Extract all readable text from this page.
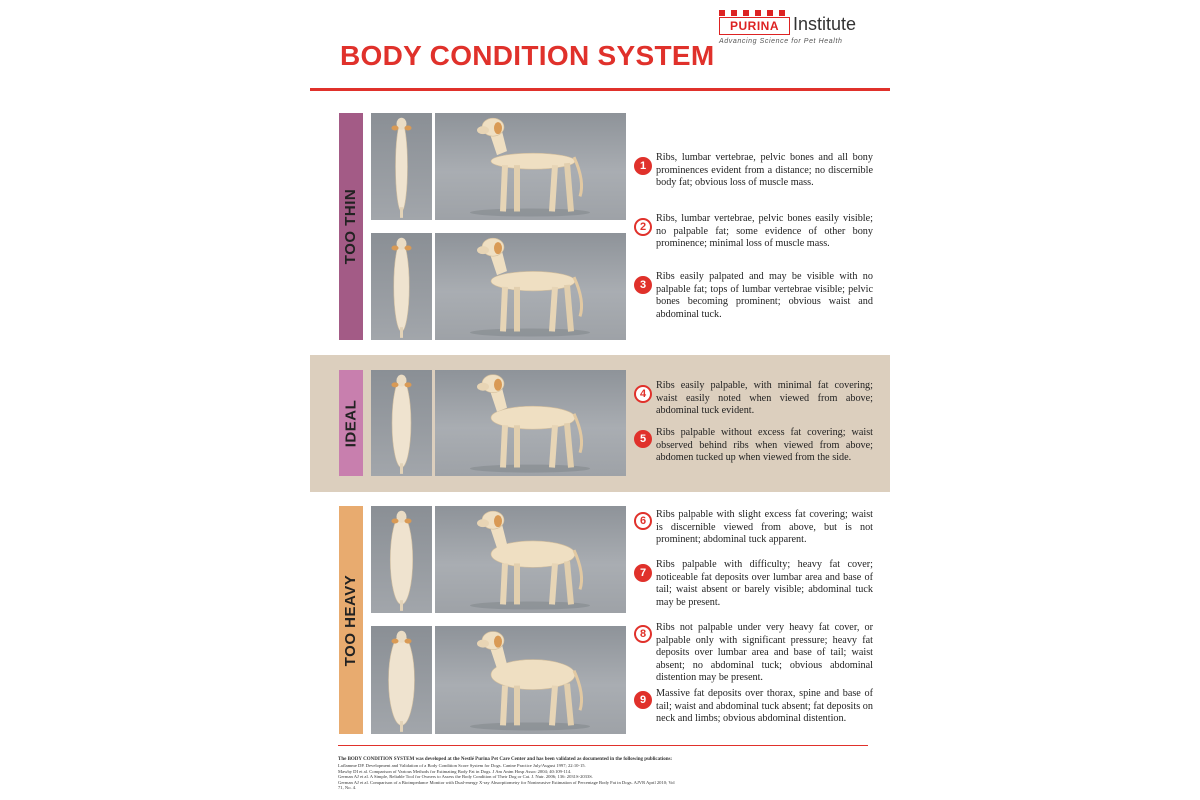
PURINA Institute
Advancing Science for Pet Health
BODY CONDITION SYSTEM
TOO THIN
IDEAL
TOO HEAVY
1
Ribs, lumbar vertebrae, pelvic bones and all bony prominences evident from a distance; no discernible body fat; obvious loss of muscle mass.
2
Ribs, lumbar vertebrae, pelvic bones easily visible; no palpable fat; some evidence of other bony prominence; minimal loss of muscle mass.
3
Ribs easily palpated and may be visible with no palpable fat; tops of lumbar vertebrae visible; pelvic bones becoming prominent; obvious waist and abdominal tuck.
4
Ribs easily palpable, with minimal fat covering; waist easily noted when viewed from above; abdominal tuck evident.
5
Ribs palpable without excess fat covering; waist observed behind ribs when viewed from above; abdomen tucked up when viewed from the side.
6
Ribs palpable with slight excess fat covering; waist is discernible viewed from above, but is not prominent; abdominal tuck apparent.
7
Ribs palpable with difficulty; heavy fat cover; noticeable fat deposits over lumbar area and base of tail; waist absent or barely visible; abdominal tuck may be present.
8
Ribs not palpable under very heavy fat cover, or palpable only with significant pressure; heavy fat deposits over lumbar area and base of tail; waist absent; no abdominal tuck; obvious abdominal distention may be present.
9
Massive fat deposits over thorax, spine and base of tail; waist and abdominal tuck absent; fat deposits on neck and limbs; obvious abdominal distention.
The BODY CONDITION SYSTEM was developed at the Nestlé Purina Pet Care Center and has been validated as documented in the following publications:
Laflamme DP. Development and Validation of a Body Condition Score System for Dogs. Canine Practice July/August 1997; 22:10-15.
Mawby DI et al. Comparison of Various Methods for Estimating Body Fat in Dogs. J Am Anim Hosp Assoc 2004; 40:109-114.
German AJ et al. A Simple, Reliable Tool for Owners to Assess the Body Condition of Their Dog or Cat. J. Nutr. 2006; 136: 2031S-2033S.
German AJ et al. Comparison of a Bioimpedance Monitor with Dual-energy X-ray Absorptiometry for Noninvasive Estimation of Percentage Body Fat in Dogs. AJVR April 2010; Vol
71, No. 4.
